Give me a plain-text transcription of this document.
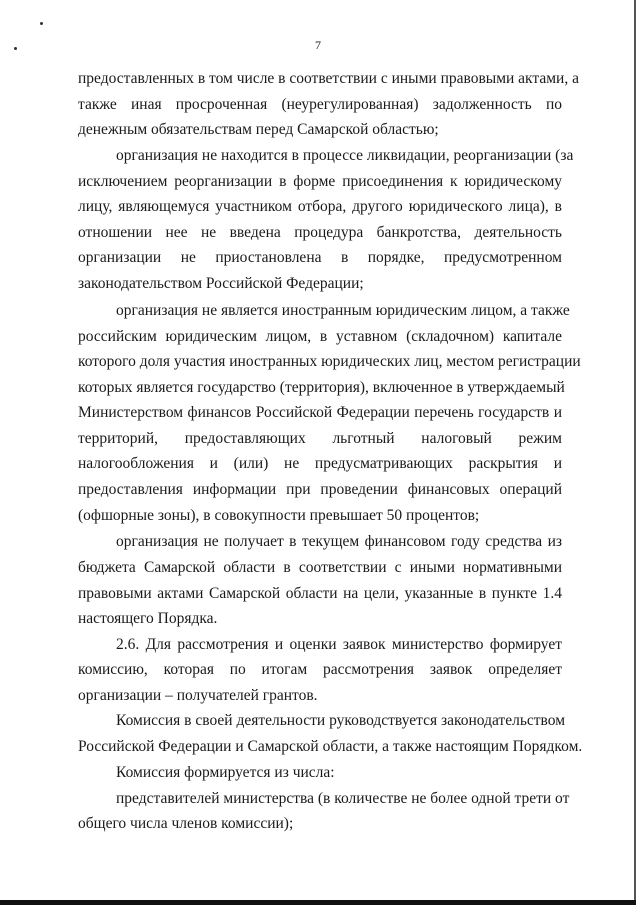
7
предоставленных в том числе в соответствии с иными правовыми актами, а
также иная просроченная (неурегулированная) задолженность по
денежным обязательствам перед Самарской областью;
организация не находится в процессе ликвидации, реорганизации (за
исключением реорганизации в форме присоединения к юридическому
лицу, являющемуся участником отбора, другого юридического лица), в
отношении нее не введена процедура банкротства, деятельность
организации не приостановлена в порядке, предусмотренном
законодательством Российской Федерации;
организация не является иностранным юридическим лицом, а также
российским юридическим лицом, в уставном (складочном) капитале
которого доля участия иностранных юридических лиц, местом регистрации
которых является государство (территория), включенное в утверждаемый
Министерством финансов Российской Федерации перечень государств и
территорий, предоставляющих льготный налоговый режим
налогообложения и (или) не предусматривающих раскрытия и
предоставления информации при проведении финансовых операций
(офшорные зоны), в совокупности превышает 50 процентов;
организация не получает в текущем финансовом году средства из
бюджета Самарской области в соответствии с иными нормативными
правовыми актами Самарской области на цели, указанные в пункте 1.4
настоящего Порядка.
2.6. Для рассмотрения и оценки заявок министерство формирует
комиссию, которая по итогам рассмотрения заявок определяет
организации – получателей грантов.
Комиссия в своей деятельности руководствуется законодательством
Российской Федерации и Самарской области, а также настоящим Порядком.
Комиссия формируется из числа:
представителей министерства (в количестве не более одной трети от
общего числа членов комиссии);
